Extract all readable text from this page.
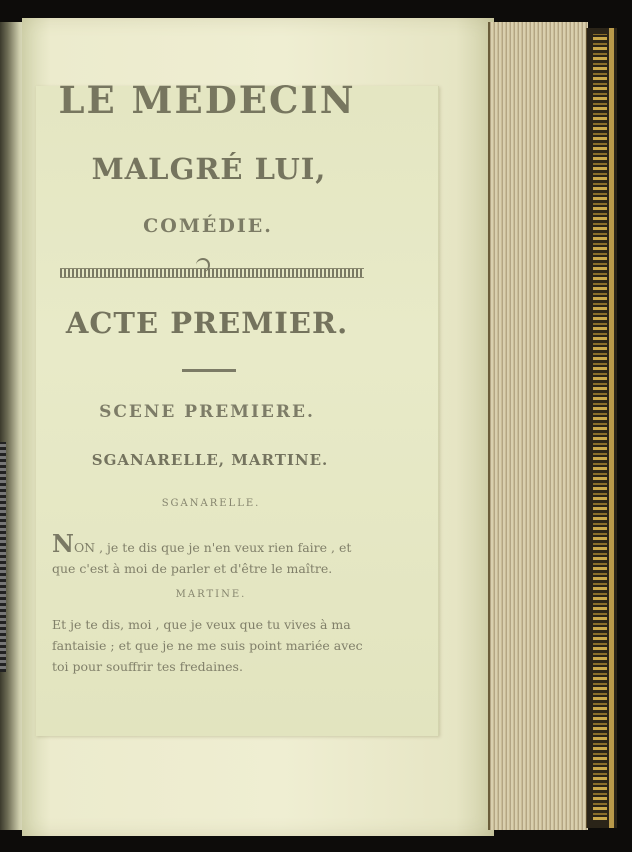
LE MEDECIN
MALGRÉ LUI,
COMÉDIE.
ACTE PREMIER.
SCENE PREMIERE.
SGANARELLE, MARTINE.
SGANARELLE.

NON , je te dis que je n'en veux rien faire , et que c'est à moi de parler et d'être le maître.

MARTINE.

Et je te dis, moi , que je veux que tu vives à ma fantaisie ; et que je ne me suis point mariée avec toi pour souffrir tes fredaines.
